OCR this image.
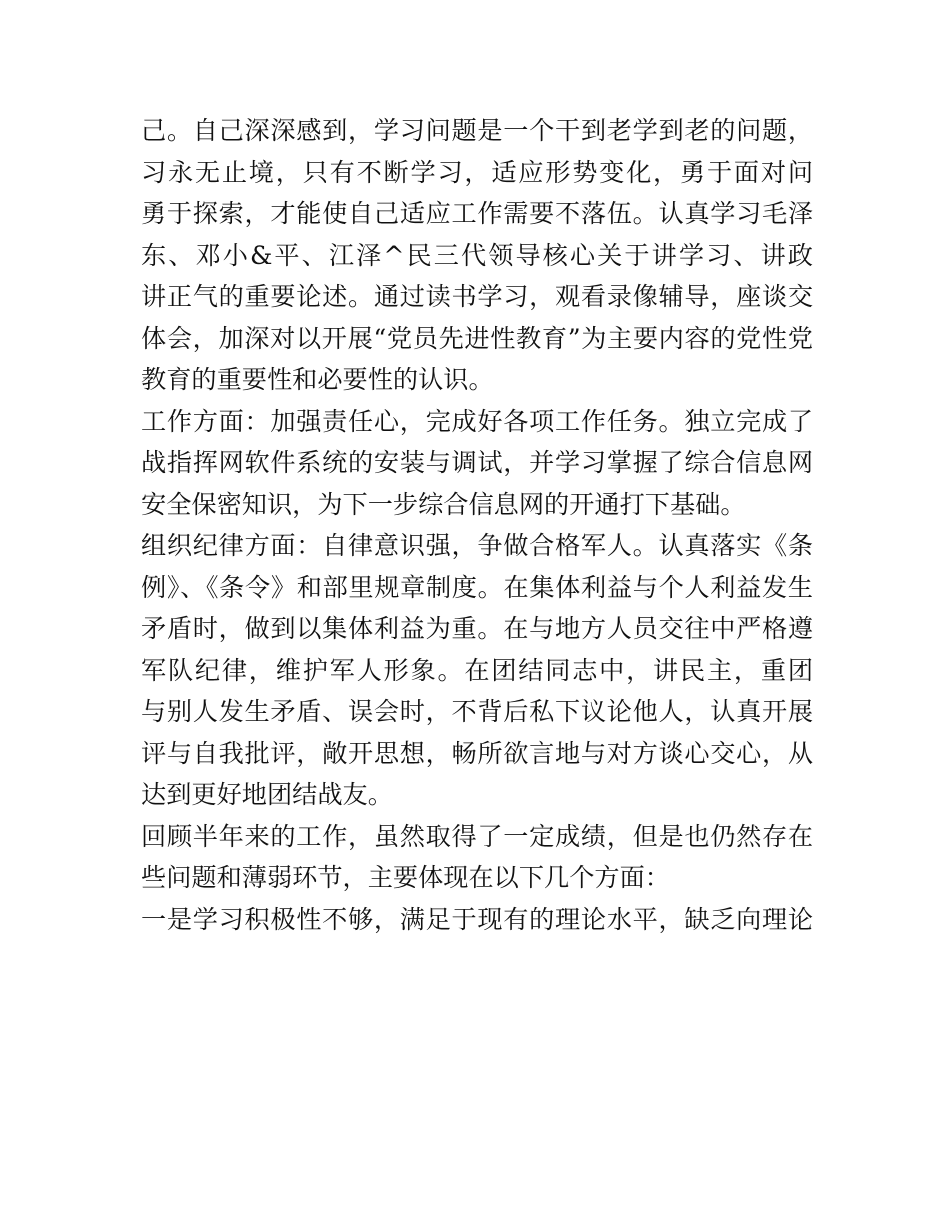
己。自己深深感到，学习问题是一个干到老学到老的问题，
习永无止境，只有不断学习，适应形势变化，勇于面对问
勇于探索，才能使自己适应工作需要不落伍。认真学习毛泽
东、邓小&平、江泽^民三代领导核心关于讲学习、讲政
讲正气的重要论述。通过读书学习，观看录像辅导，座谈交
体会，加深对以开展“党员先进性教育”为主要内容的党性党
教育的重要性和必要性的认识。
工作方面：加强责任心，完成好各项工作任务。独立完成了
战指挥网软件系统的安装与调试，并学习掌握了综合信息网
安全保密知识，为下一步综合信息网的开通打下基础。
组织纪律方面：自律意识强，争做合格军人。认真落实《条
例》、《条令》和部里规章制度。在集体利益与个人利益发生
矛盾时，做到以集体利益为重。在与地方人员交往中严格遵
军队纪律，维护军人形象。在团结同志中，讲民主，重团
与别人发生矛盾、误会时，不背后私下议论他人，认真开展
评与自我批评，敞开思想，畅所欲言地与对方谈心交心，从
达到更好地团结战友。
回顾半年来的工作，虽然取得了一定成绩，但是也仍然存在
些问题和薄弱环节，主要体现在以下几个方面：
一是学习积极性不够，满足于现有的理论水平，缺乏向理论
